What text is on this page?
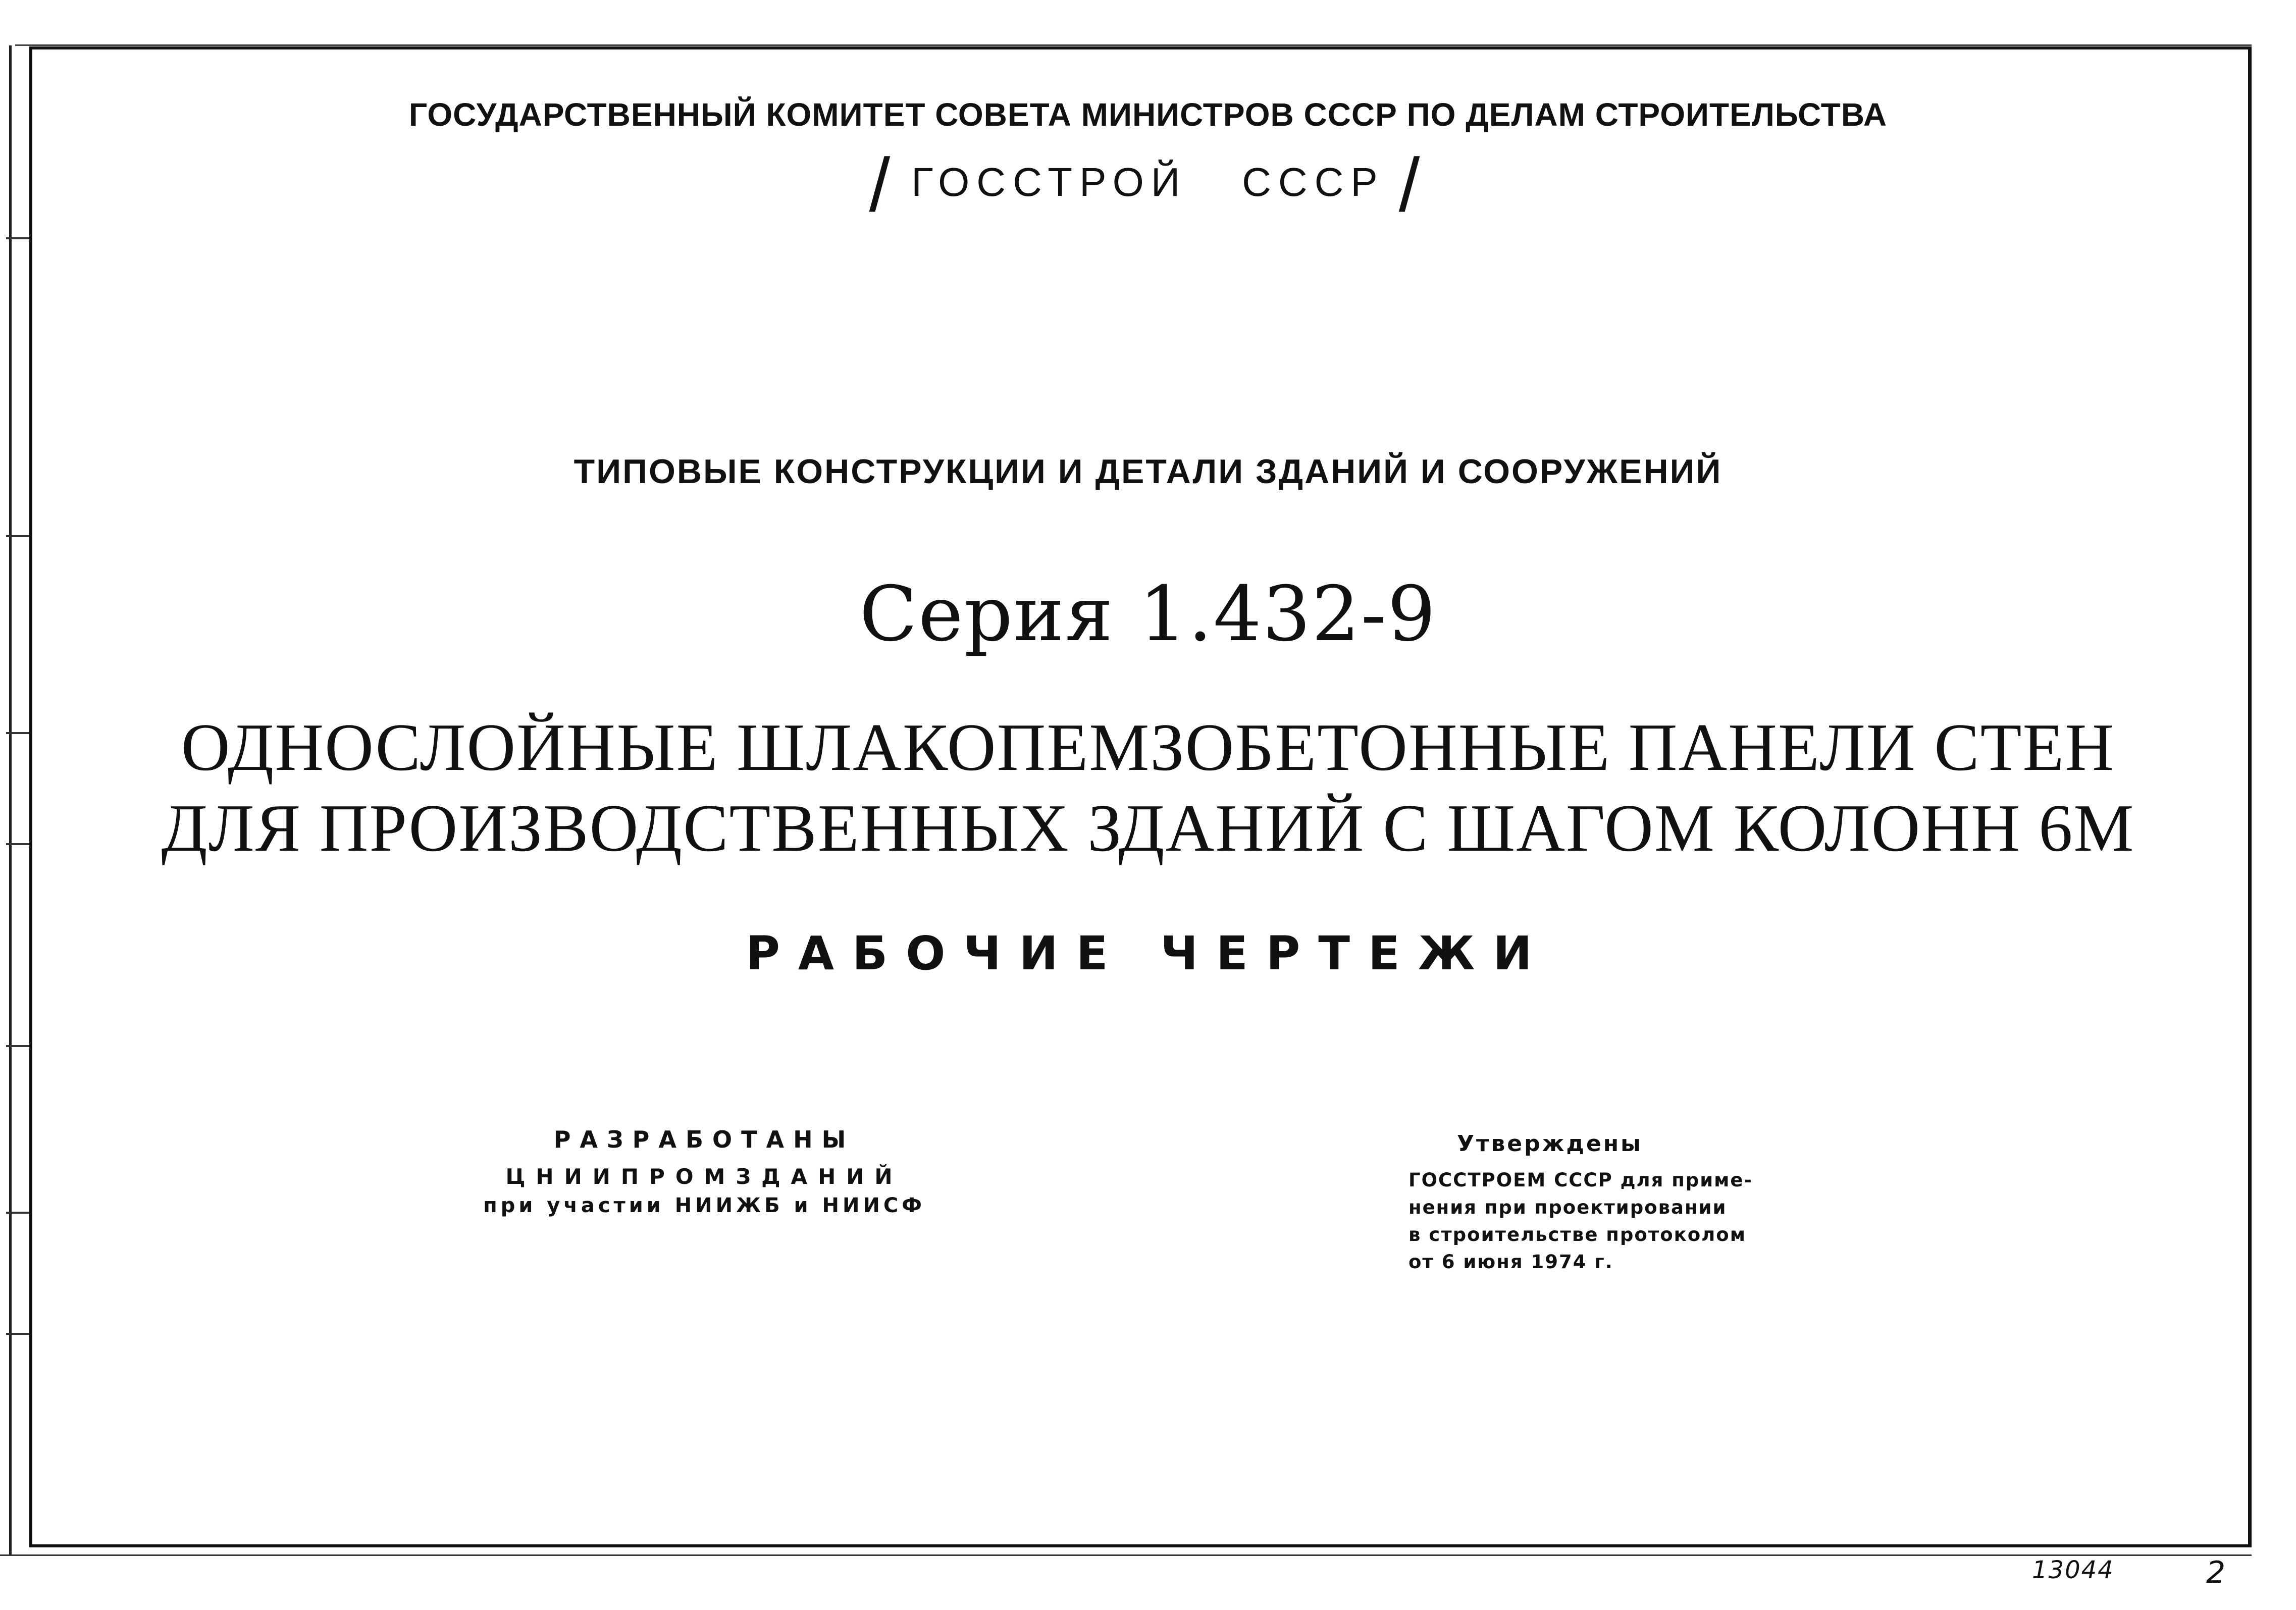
ГОСУДАРСТВЕННЫЙ КОМИТЕТ СОВЕТА МИНИСТРОВ СССР ПО ДЕЛАМ СТРОИТЕЛЬСТВА
/ ГОССТРОЙ   СССР /
ТИПОВЫЕ КОНСТРУКЦИИ И ДЕТАЛИ ЗДАНИЙ И СООРУЖЕНИЙ
Серия 1.432-9
ОДНОСЛОЙНЫЕ ШЛАКОПЕМЗОБЕТОННЫЕ ПАНЕЛИ СТЕН
ДЛЯ ПРОИЗВОДСТВЕННЫХ ЗДАНИЙ С ШАГОМ КОЛОНН 6М
РАБОЧИЕ ЧЕРТЕЖИ
РАЗРАБОТАНЫ
ЦНИИПРОМЗДАНИЙ
при участии НИИЖБ и НИИСФ
Утверждены
ГОССТРОЕМ СССР для приме-
нения при проектировании
в строительстве протоколом
от 6 июня 1974 г.
13044	2
